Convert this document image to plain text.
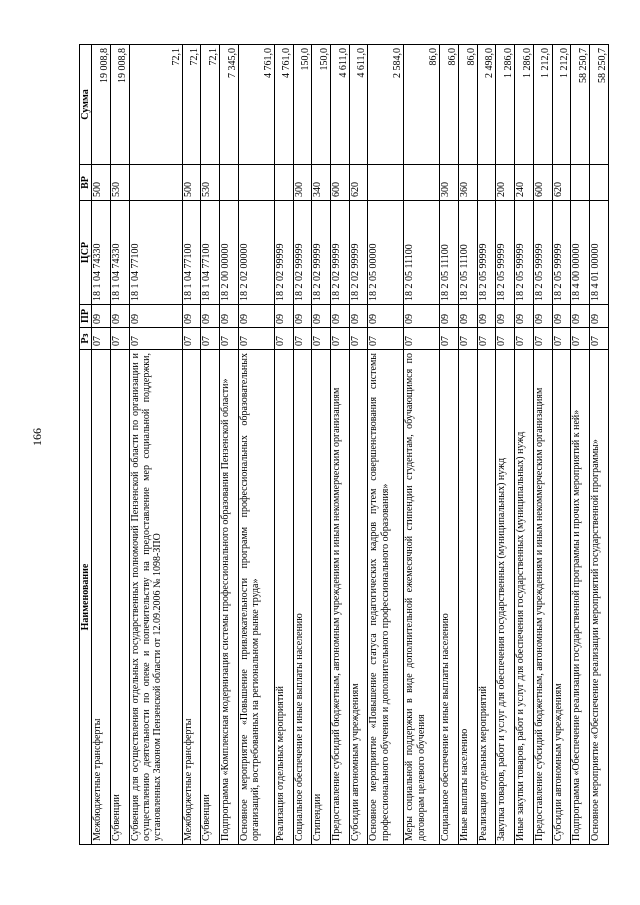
166
Наименование	Рз	ПР	ЦСР	ВР	Сумма
Межбюджетные трансферты	07	09	18 1 04 74330	500	19 008,8
Субвенции	07	09	18 1 04 74330	530	19 008,8
Субвенция для осуществления отдельных государственных полномочий Пензенской области по организации и осуществлению деятельности по опеке и попечительству на предоставление мер социальной поддержки, установленных Законом Пензенской области от 12.09.2006 № 1098-ЗПО	07	09	18 1 04 77100		72,1
Межбюджетные трансферты	07	09	18 1 04 77100	500	72,1
Субвенции	07	09	18 1 04 77100	530	72,1
Подпрограмма «Комплексная модернизация системы профессионального образования Пензенской области»	07	09	18 2 00 00000		7 345,0
Основное мероприятие «Повышение привлекательности программ профессиональных образовательных организаций, востребованных на региональном рынке труда»	07	09	18 2 02 00000		4 761,0
Реализация отдельных мероприятий	07	09	18 2 02 99999		4 761,0
Социальное обеспечение и иные выплаты населению	07	09	18 2 02 99999	300	150,0
Стипендии	07	09	18 2 02 99999	340	150,0
Предоставление субсидий бюджетным, автономным учреждениям и иным некоммерческим организациям	07	09	18 2 02 99999	600	4 611,0
Субсидии автономным учреждениям	07	09	18 2 02 99999	620	4 611,0
Основное мероприятие «Повышение статуса педагогических кадров путем совершенствования системы профессионального обучения и дополнительного профессионального образования»	07	09	18 2 05 00000		2 584,0
Меры социальной поддержки в виде дополнительной ежемесячной стипендии студентам, обучающимся по договорам целевого обучения	07	09	18 2 05 11100		86,0
Социальное обеспечение и иные выплаты населению	07	09	18 2 05 11100	300	86,0
Иные выплаты населению	07	09	18 2 05 11100	360	86,0
Реализация отдельных мероприятий	07	09	18 2 05 99999		2 498,0
Закупка товаров, работ и услуг для обеспечения государственных (муниципальных) нужд	07	09	18 2 05 99999	200	1 286,0
Иные закупки товаров, работ и услуг для обеспечения государственных (муниципальных) нужд	07	09	18 2 05 99999	240	1 286,0
Предоставление субсидий бюджетным, автономным учреждениям и иным некоммерческим организациям	07	09	18 2 05 99999	600	1 212,0
Субсидии автономным учреждениям	07	09	18 2 05 99999	620	1 212,0
Подпрограмма «Обеспечение реализации государственной программы и прочих мероприятий к ней»	07	09	18 4 00 00000		58 250,7
Основное мероприятие «Обеспечение реализации мероприятий государственной программы»	07	09	18 4 01 00000		58 250,7
